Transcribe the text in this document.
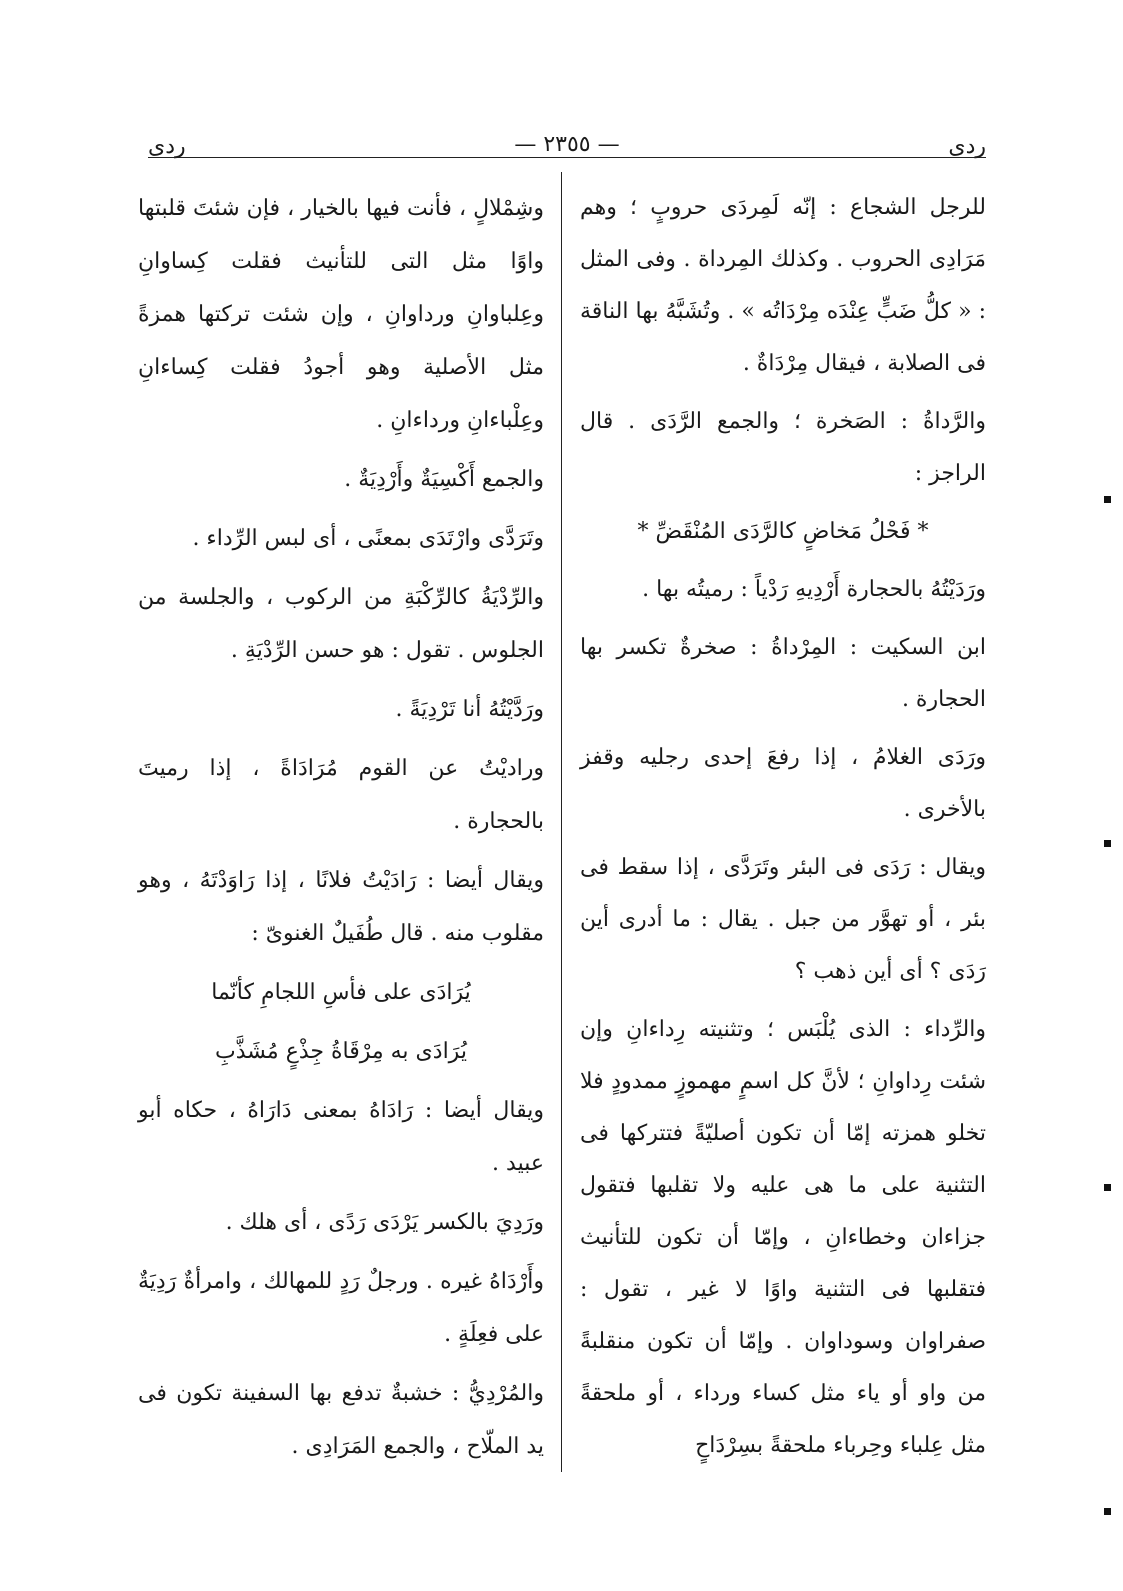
ردى
— ٢٣٥٥ —
ردى

للرجل الشجاع : إنّه لَمِردَى حروبٍ ؛ وهم مَرَادِى الحروب . وكذلك المِرداة . وفى المثل : « كلُّ ضَبٍّ عِنْدَه مِرْدَاتُه » . وتُشَبَّهُ بها الناقة فى الصلابة ، فيقال مِرْدَاةٌ .

والرَّداةُ : الصَخرة ؛ والجمع الرَّدَى . قال الراجز :

* فَحْلُ مَخاضٍ كالرَّدَى المُنْقَضِّ *

ورَدَيْتُهُ بالحجارة أَرْدِيهِ رَدْياً : رميتُه بها .

ابن السكيت : المِرْداةُ : صخرةٌ تكسر بها الحجارة .

ورَدَى الغلامُ ، إذا رفعَ إحدى رجليه وقفز بالأخرى .

ويقال : رَدَى فى البئر وتَرَدَّى ، إذا سقط فى بئر ، أو تهوَّر من جبل . يقال : ما أدرى أين رَدَى ؟ أى أين ذهب ؟

والرِّداء : الذى يُلْبَس ؛ وتثنيته رِداءانِ وإن شئت رِداوانِ ؛ لأنَّ كل اسمٍ مهموزٍ ممدودٍ فلا تخلو همزته إمّا أن تكون أصليّةً فتتركها فى التثنية على ما هى عليه ولا تقلبها فتقول جزاءان وخطاءانِ ، وإمّا أن تكون للتأنيث فتقلبها فى التثنية واوًا لا غير ، تقول : صفراوان وسوداوان . وإمّا أن تكون منقلبةً من واو أو ياء مثل كساء ورداء ، أو ملحقةً مثل عِلباء وحِرباء ملحقةً بسِرْدَاحٍ

وشِمْلالٍ ، فأنت فيها بالخيار ، فإن شئتَ قلبتها واوًا مثل التى للتأنيث فقلت كِساوانِ وعِلباوانِ ورداوانِ ، وإن شئت تركتها همزةً مثل الأصلية وهو أجودُ فقلت كِساءانِ وعِلْباءانِ ورداءانِ .

والجمع أَكْسِيَةٌ وأَرْدِيَةٌ .

وتَرَدَّى وارْتَدَى بمعنًى ، أى لبس الرِّداء .

والرِّدْيَةُ كالرِّكْبَةِ من الركوب ، والجلسة من الجلوس . تقول : هو حسن الرِّدْيَةِ .

ورَدَّيْتُهُ أنا تَرْدِيَةً .

وراديْتُ عن القوم مُرَادَاةً ، إذا رميتَ بالحجارة .

ويقال أيضا : رَادَيْتُ فلانًا ، إذا رَاوَدْتَهُ ، وهو مقلوب منه . قال طُفَيلٌ الغنوىّ :

يُرَادَى على فأسِ اللجامِ كأنّما

يُرَادَى به مِرْقَاةُ جِذْعٍ مُشَذَّبِ

ويقال أيضا : رَادَاهُ بمعنى دَارَاهُ ، حكاه أبو عبيد .

ورَدِيَ بالكسر يَرْدَى رَدًى ، أى هلك .

وأَرْدَاهُ غيره . ورجلٌ رَدٍ للمهالك ، وامرأةٌ رَدِيَةٌ على فعِلَةٍ .

والمُرْدِيُّ : خشبةٌ تدفع بها السفينة تكون فى يد الملّاح ، والجمع المَرَادِى .
